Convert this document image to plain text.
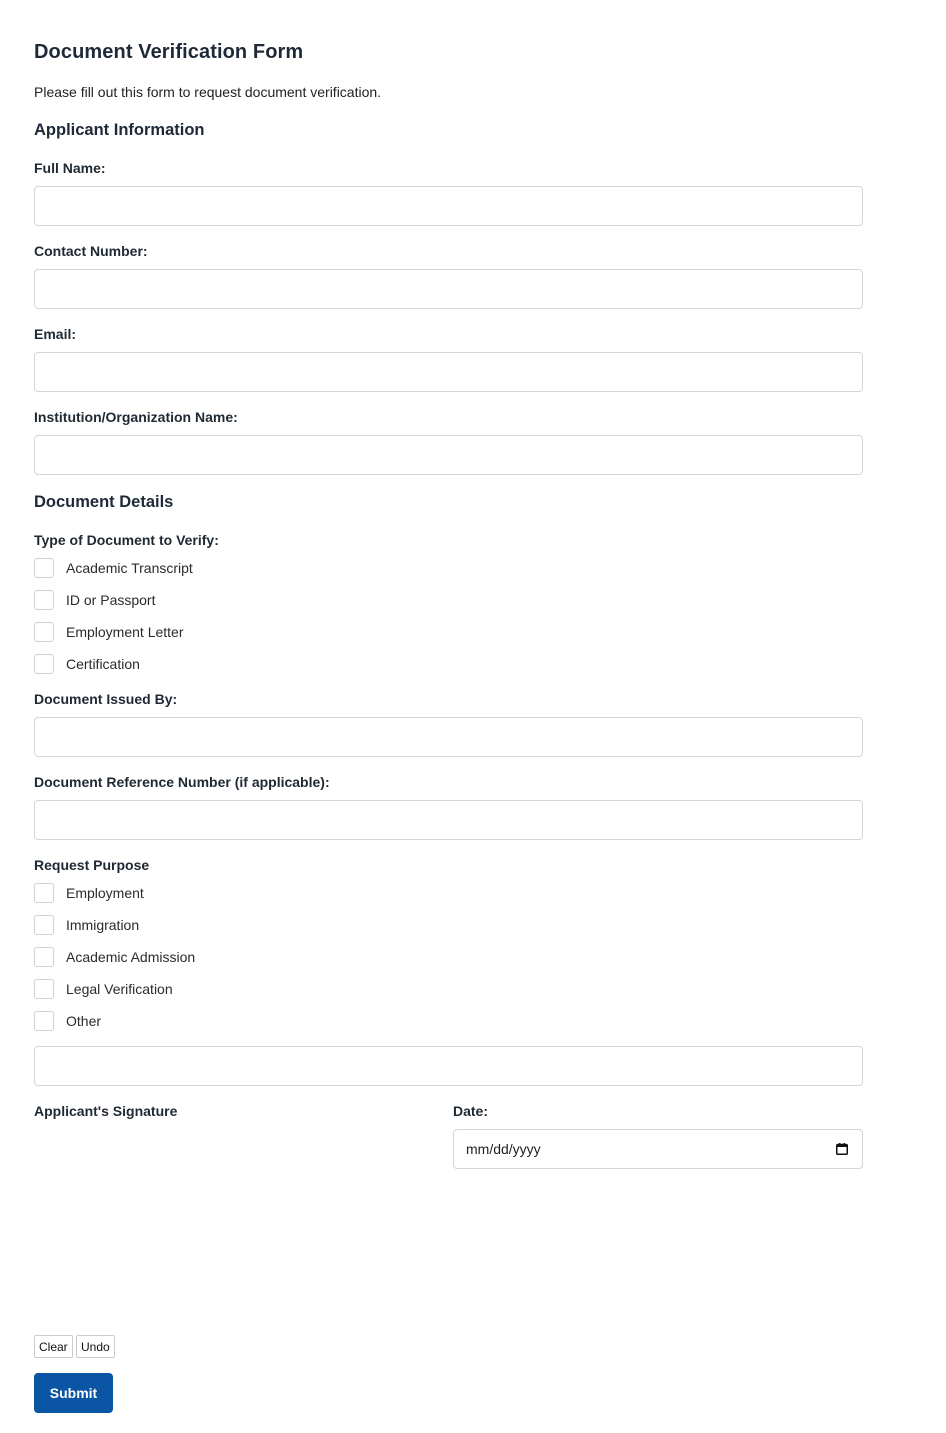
Document Verification Form

Please fill out this form to request document verification.

Applicant Information
Full Name:
Contact Number:
Email:
Institution/Organization Name:
Document Details
Type of Document to Verify:
Academic Transcript
ID or Passport
Employment Letter
Certification
Document Issued By:
Document Reference Number (if applicable):
Request Purpose
Employment
Immigration
Academic Admission
Legal Verification
Other
Applicant's Signature	Date:
mm/dd/yyyy
Clear	Undo
Submit
